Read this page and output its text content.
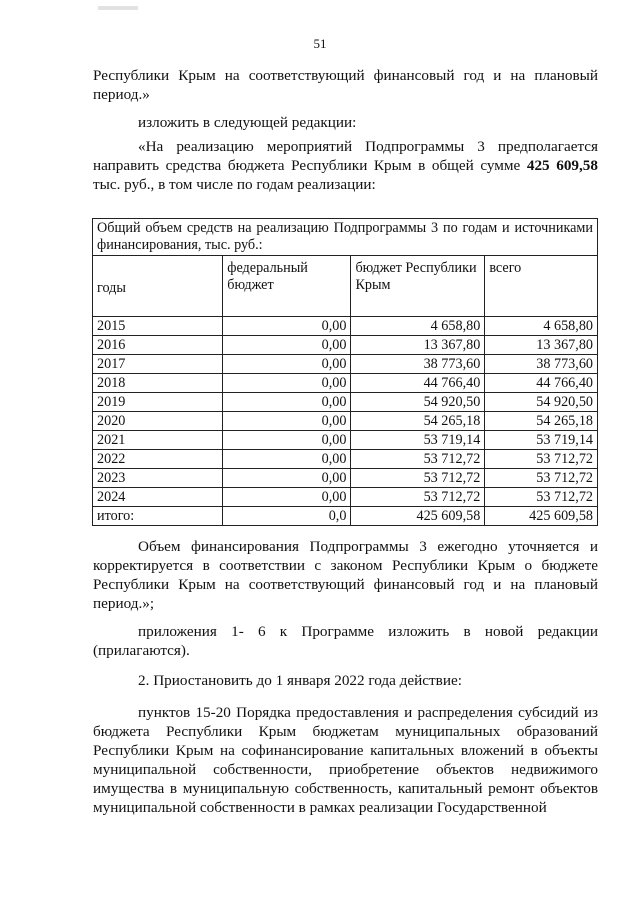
51
Республики Крым на соответствующий финансовый год и на плановый период.»
изложить в следующей редакции:
«На реализацию мероприятий Подпрограммы 3 предполагается направить средства бюджета Республики Крым в общей сумме 425 609,58 тыс. руб., в том числе по годам реализации:
Общий объем средств на реализацию Подпрограммы 3 по годам и источниками финансирования, тыс. руб.:			
годы	федеральный бюджет	бюджет Республики Крым	всего
2015	0,00	4 658,80	4 658,80
2016	0,00	13 367,80	13 367,80
2017	0,00	38 773,60	38 773,60
2018	0,00	44 766,40	44 766,40
2019	0,00	54 920,50	54 920,50
2020	0,00	54 265,18	54 265,18
2021	0,00	53 719,14	53 719,14
2022	0,00	53 712,72	53 712,72
2023	0,00	53 712,72	53 712,72
2024	0,00	53 712,72	53 712,72
итого:	0,0	425 609,58	425 609,58
Объем финансирования Подпрограммы 3 ежегодно уточняется и корректируется в соответствии с законом Республики Крым о бюджете Республики Крым на соответствующий финансовый год и на плановый период.»;
приложения 1- 6 к Программе изложить в новой редакции (прилагаются).
2. Приостановить до 1 января 2022 года действие:
пунктов 15-20 Порядка предоставления и распределения субсидий из бюджета Республики Крым бюджетам муниципальных образований Республики Крым на софинансирование капитальных вложений в объекты муниципальной собственности, приобретение объектов недвижимого имущества в муниципальную собственность, капитальный ремонт объектов муниципальной собственности в рамках реализации Государственной
